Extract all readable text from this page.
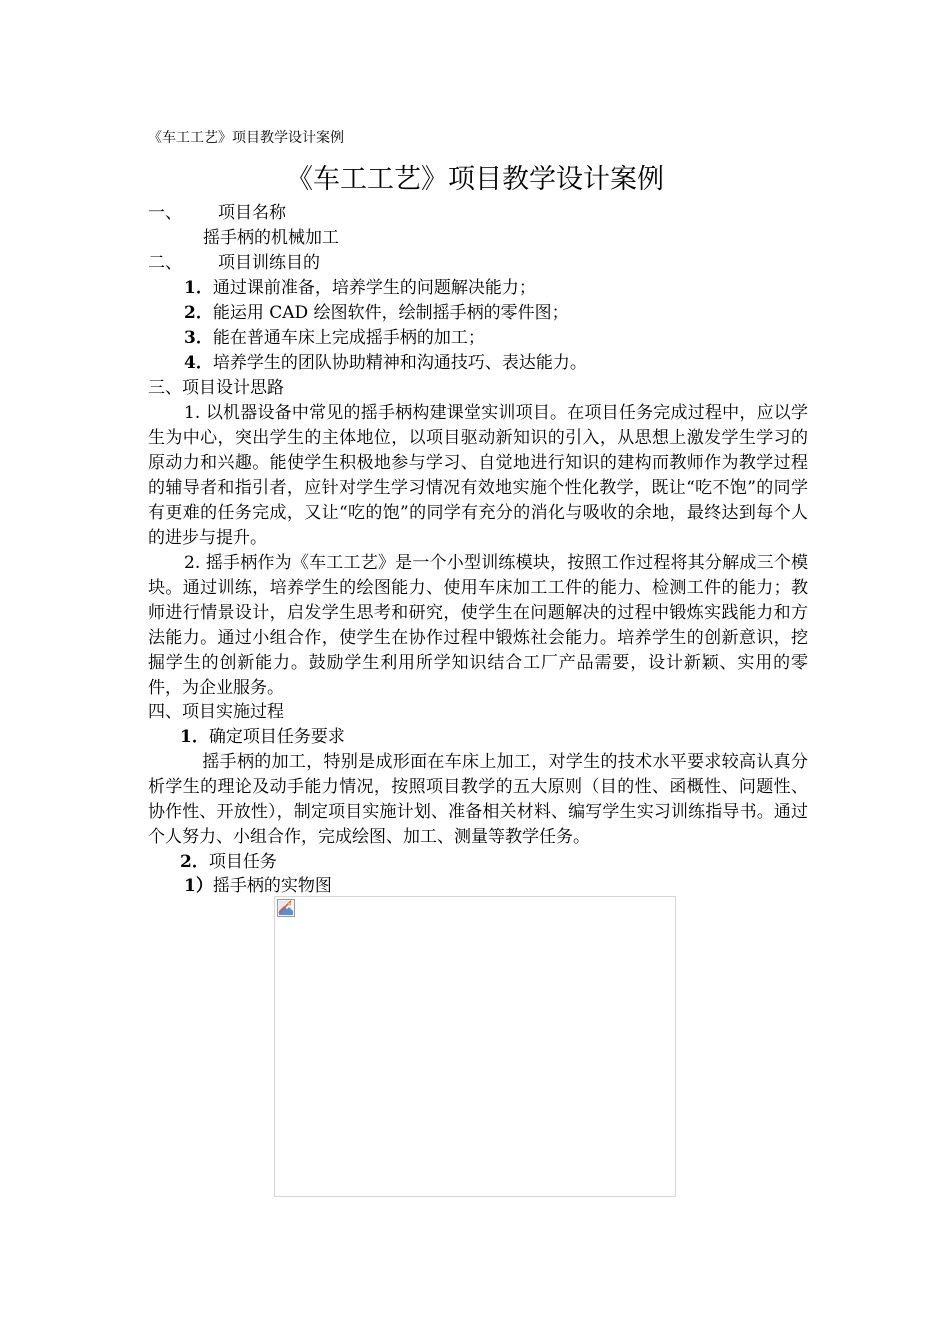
《车工工艺》项目教学设计案例
《车工工艺》项目教学设计案例
一、 项目名称
摇手柄的机械加工
二、 项目训练目的
1．通过课前准备，培养学生的问题解决能力；
2．能运用 CAD 绘图软件，绘制摇手柄的零件图；
3．能在普通车床上完成摇手柄的加工；
4．培养学生的团队协助精神和沟通技巧、表达能力。
三、项目设计思路

1. 以机器设备中常见的摇手柄构建课堂实训项目。在项目任务完成过程中，应以学生为中心，突出学生的主体地位，以项目驱动新知识的引入，从思想上激发学生学习的原动力和兴趣。能使学生积极地参与学习、自觉地进行知识的建构而教师作为教学过程的辅导者和指引者，应针对学生学习情况有效地实施个性化教学，既让“吃不饱”的同学有更难的任务完成，又让“吃的饱”的同学有充分的消化与吸收的余地，最终达到每个人的进步与提升。

2. 摇手柄作为《车工工艺》是一个小型训练模块，按照工作过程将其分解成三个模块。通过训练，培养学生的绘图能力、使用车床加工工件的能力、检测工件的能力；教师进行情景设计，启发学生思考和研究，使学生在问题解决的过程中锻炼实践能力和方法能力。通过小组合作，使学生在协作过程中锻炼社会能力。培养学生的创新意识，挖掘学生的创新能力。鼓励学生利用所学知识结合工厂产品需要，设计新颖、实用的零件，为企业服务。

四、项目实施过程
1．确定项目任务要求

摇手柄的加工，特别是成形面在车床上加工，对学生的技术水平要求较高认真分析学生的理论及动手能力情况，按照项目教学的五大原则（目的性、函概性、问题性、协作性、开放性），制定项目实施计划、准备相关材料、编写学生实习训练指导书。通过个人努力、小组合作，完成绘图、加工、测量等教学任务。

2．项目任务
1）摇手柄的实物图
